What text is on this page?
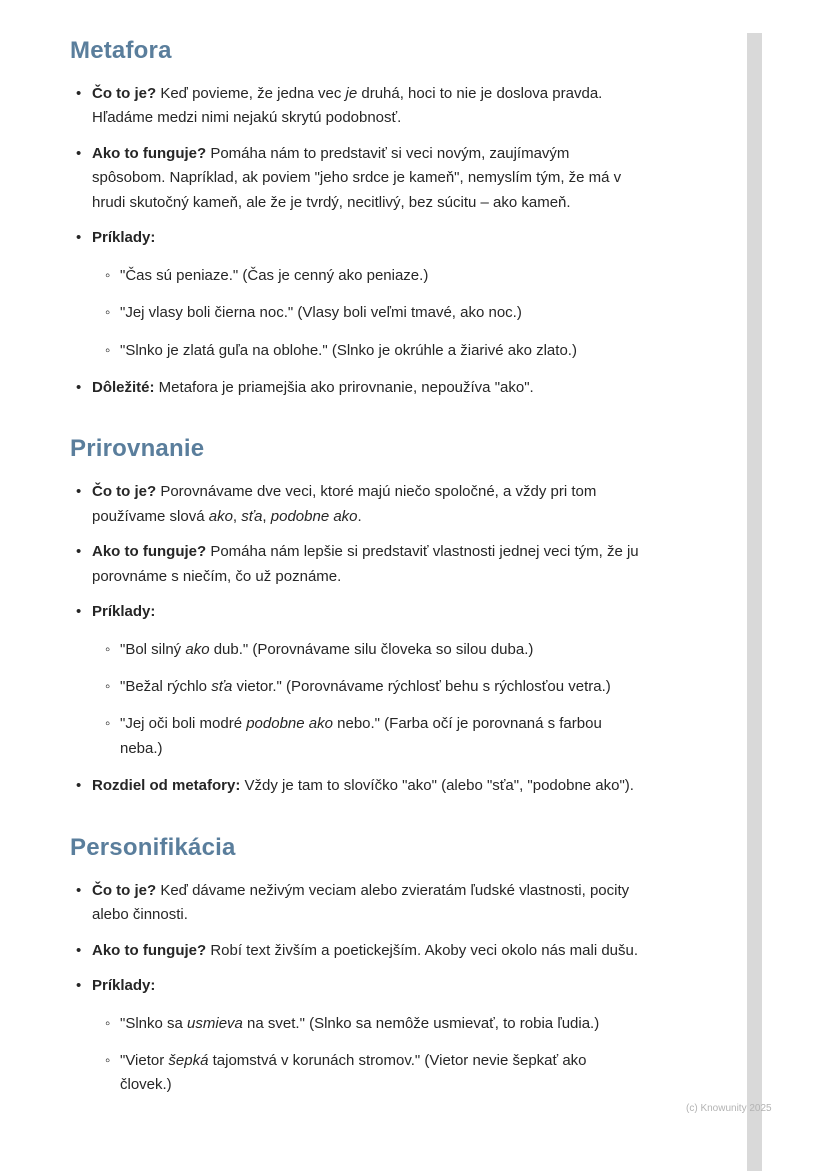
Metafora
• Čo to je? Keď povieme, že jedna vec je druhá, hoci to nie je doslova pravda. Hľadáme medzi nimi nejakú skrytú podobnosť.
• Ako to funguje? Pomáha nám to predstaviť si veci novým, zaujímavým spôsobom. Napríklad, ak poviem "jeho srdce je kameň", nemyslím tým, že má v hrudi skutočný kameň, ale že je tvrdý, necitlivý, bez súcitu – ako kameň.
• Príklady:
◦ "Čas sú peniaze." (Čas je cenný ako peniaze.)
◦ "Jej vlasy boli čierna noc." (Vlasy boli veľmi tmavé, ako noc.)
◦ "Slnko je zlatá guľa na oblohe." (Slnko je okrúhle a žiarivé ako zlato.)
• Dôležité: Metafora je priamejšia ako prirovnanie, nepoužíva "ako".
Prirovnanie
• Čo to je? Porovnávame dve veci, ktoré majú niečo spoločné, a vždy pri tom používame slová ako, sťa, podobne ako.
• Ako to funguje? Pomáha nám lepšie si predstaviť vlastnosti jednej veci tým, že ju porovnáme s niečím, čo už poznáme.
• Príklady:
◦ "Bol silný ako dub." (Porovnávame silu človeka so silou duba.)
◦ "Bežal rýchlo sťa vietor." (Porovnávame rýchlosť behu s rýchlosťou vetra.)
◦ "Jej oči boli modré podobne ako nebo." (Farba očí je porovnaná s farbou neba.)
• Rozdiel od metafory: Vždy je tam to slovíčko "ako" (alebo "sťa", "podobne ako").
Personifikácia
• Čo to je? Keď dávame neživým veciam alebo zvieratám ľudské vlastnosti, pocity alebo činnosti.
• Ako to funguje? Robí text živším a poetickejším. Akoby veci okolo nás mali dušu.
• Príklady:
◦ "Slnko sa usmieva na svet." (Slnko sa nemôže usmievať, to robia ľudia.)
◦ "Vietor šepká tajomstvá v korunách stromov." (Vietor nevie šepkať ako človek.)
(c) Knowunity 2025
